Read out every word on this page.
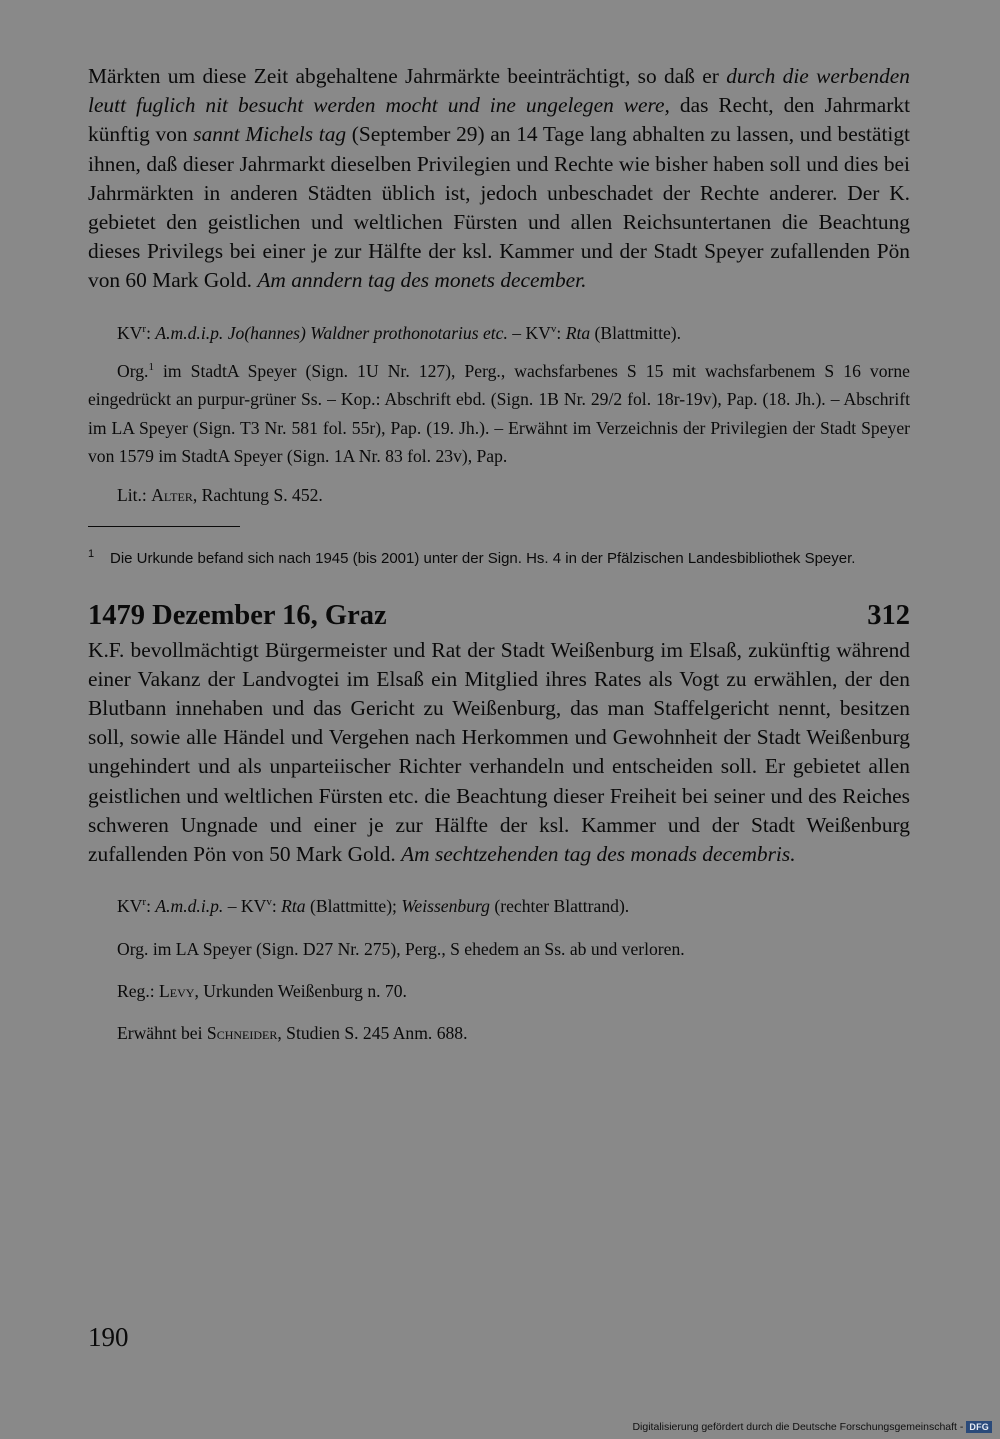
Märkten um diese Zeit abgehaltene Jahrmärkte beeinträchtigt, so daß er durch die werbenden leutt fuglich nit besucht werden mocht und ine ungelegen were, das Recht, den Jahrmarkt künftig von sannt Michels tag (September 29) an 14 Tage lang abhalten zu lassen, und bestätigt ihnen, daß dieser Jahrmarkt dieselben Privilegien und Rechte wie bisher haben soll und dies bei Jahrmärkten in anderen Städten üblich ist, jedoch unbeschadet der Rechte anderer. Der K. gebietet den geistlichen und weltlichen Fürsten und allen Reichsuntertanen die Beachtung dieses Privilegs bei einer je zur Hälfte der ksl. Kammer und der Stadt Speyer zufallenden Pön von 60 Mark Gold. Am anndern tag des monets december.

$KV^r$: A.m.d.i.p. Jo(hannes) Waldner prothonotarius etc. – $KV^v$: Rta (Blattmitte).

Org.$^1$ im StadtA Speyer (Sign. 1U Nr. 127), Perg., wachsfarbenes S 15 mit wachsfarbenem S 16 vorne eingedrückt an purpur-grüner Ss. – Kop.: Abschrift ebd. (Sign. 1B Nr. 29/2 fol. 18r-19v), Pap. (18. Jh.). – Abschrift im LA Speyer (Sign. T3 Nr. 581 fol. 55r), Pap. (19. Jh.). – Erwähnt im Verzeichnis der Privilegien der Stadt Speyer von 1579 im StadtA Speyer (Sign. 1A Nr. 83 fol. 23v), Pap.

Lit.: Alter, Rachtung S. 452.

1 Die Urkunde befand sich nach 1945 (bis 2001) unter der Sign. Hs. 4 in der Pfälzischen Landesbibliothek Speyer.

1479 Dezember 16, Graz	312

K.F. bevollmächtigt Bürgermeister und Rat der Stadt Weißenburg im Elsaß, zukünftig während einer Vakanz der Landvogtei im Elsaß ein Mitglied ihres Rates als Vogt zu erwählen, der den Blutbann innehaben und das Gericht zu Weißenburg, das man Staffelgericht nennt, besitzen soll, sowie alle Händel und Vergehen nach Herkommen und Gewohnheit der Stadt Weißenburg ungehindert und als unparteiischer Richter verhandeln und entscheiden soll. Er gebietet allen geistlichen und weltlichen Fürsten etc. die Beachtung dieser Freiheit bei seiner und des Reiches schweren Ungnade und einer je zur Hälfte der ksl. Kammer und der Stadt Weißenburg zufallenden Pön von 50 Mark Gold. Am sechtzehenden tag des monads decembris.

$KV^r$: A.m.d.i.p. – $KV^v$: Rta (Blattmitte); Weissenburg (rechter Blattrand).

Org. im LA Speyer (Sign. D27 Nr. 275), Perg., S ehedem an Ss. ab und verloren.

Reg.: Levy, Urkunden Weißenburg n. 70.

Erwähnt bei Schneider, Studien S. 245 Anm. 688.

190
Digitalisierung gefördert durch die Deutsche Forschungsgemeinschaft - DFG
